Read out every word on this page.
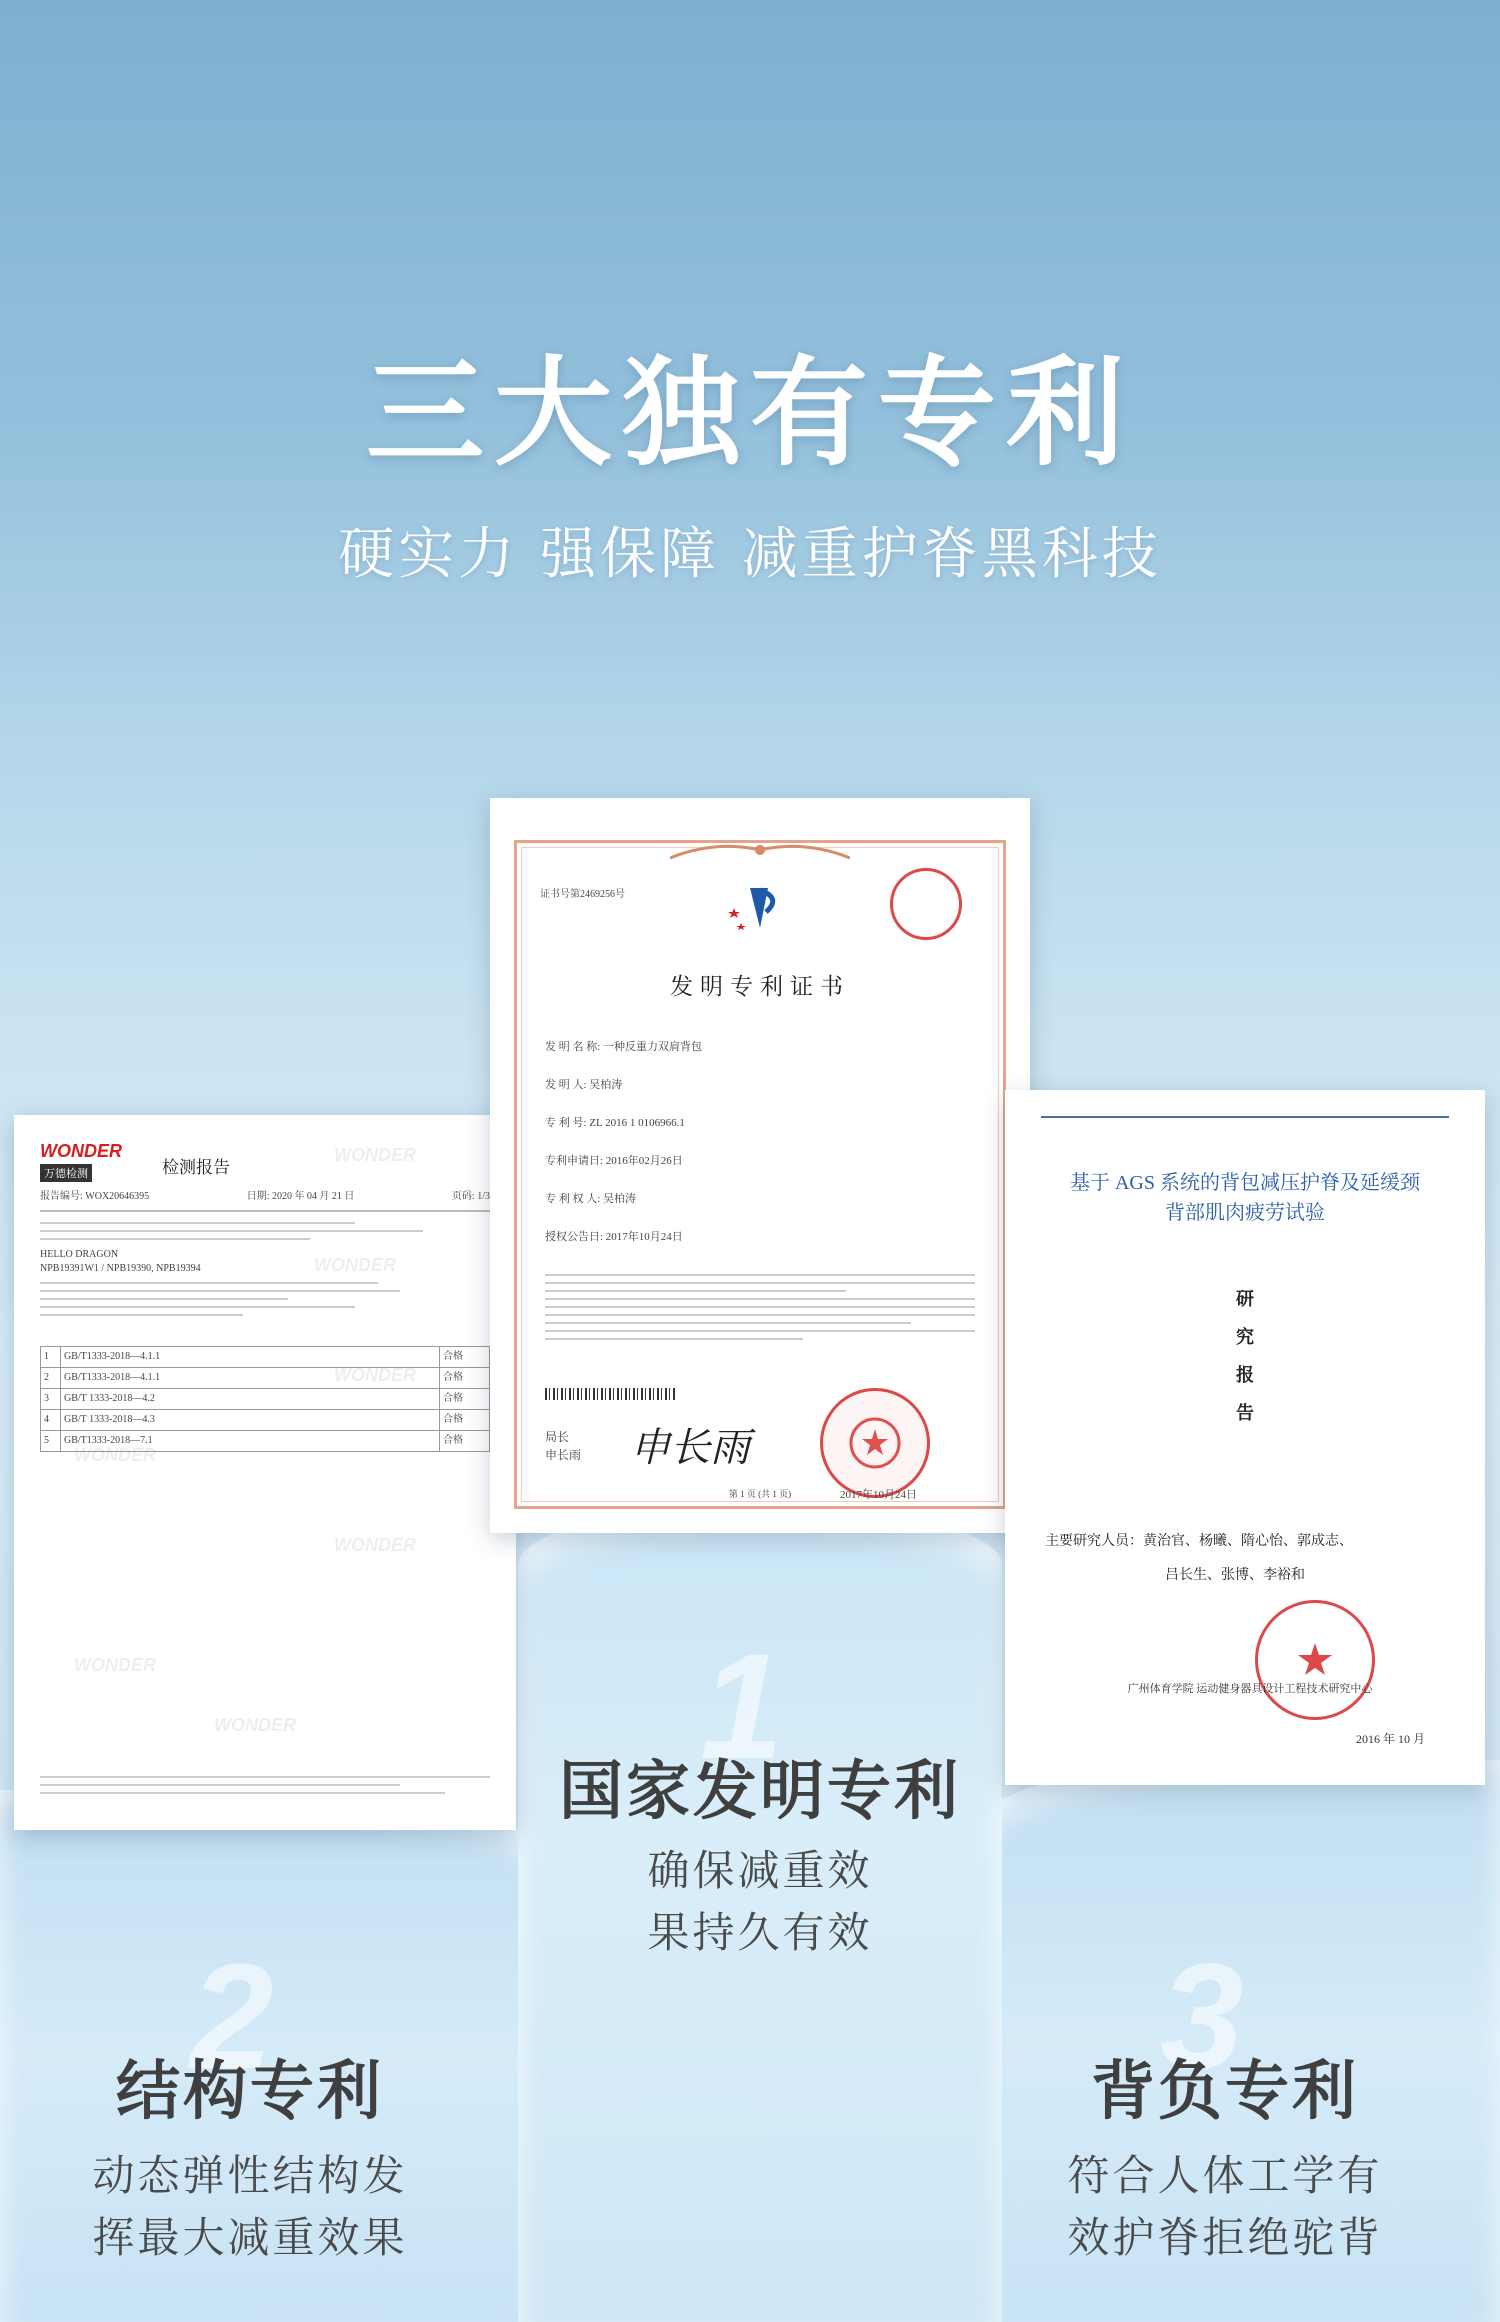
三大独有专利
硬实力 强保障 减重护脊黑科技
1
2	3
国家发明专利
确保减重效
果持久有效
结构专利
动态弹性结构发
挥最大减重效果
背负专利
符合人体工学有
效护脊拒绝驼背
WONDER
WONDER
WONDER
WONDER
WONDER
WONDER
WONDER
WONDER
万德检测	检测报告
报告编号: WOX20646395	日期: 2020 年 04 月 21 日	页码: 1/3
HELLO DRAGON
NPB19391W1 / NPB19390, NPB19394
1	GB/T1333-2018—4.1.1	合格
2	GB/T1333-2018—4.1.1	合格
3	GB/T 1333-2018—4.2	合格
4	GB/T 1333-2018—4.3	合格
5	GB/T1333-2018—7.1	合格
证书号第2469256号
发明专利证书
发 明 名 称: 一种反重力双肩背包
发 明 人: 吴柏涛
专 利 号: ZL 2016 1 0106966.1
专利申请日: 2016年02月26日
专 利 权 人: 吴柏涛
授权公告日: 2017年10月24日
局长
申长雨 申长雨
2017年10月24日
第 1 页 (共 1 页)
基于 AGS 系统的背包减压护脊及延缓颈
背部肌肉疲劳试验
研
究
报
告
主要研究人员：黄治官、杨曦、隋心怡、郭成志、
吕长生、张博、李裕和
广州体育学院 运动健身器具设计工程技术研究中心
2016 年 10 月
